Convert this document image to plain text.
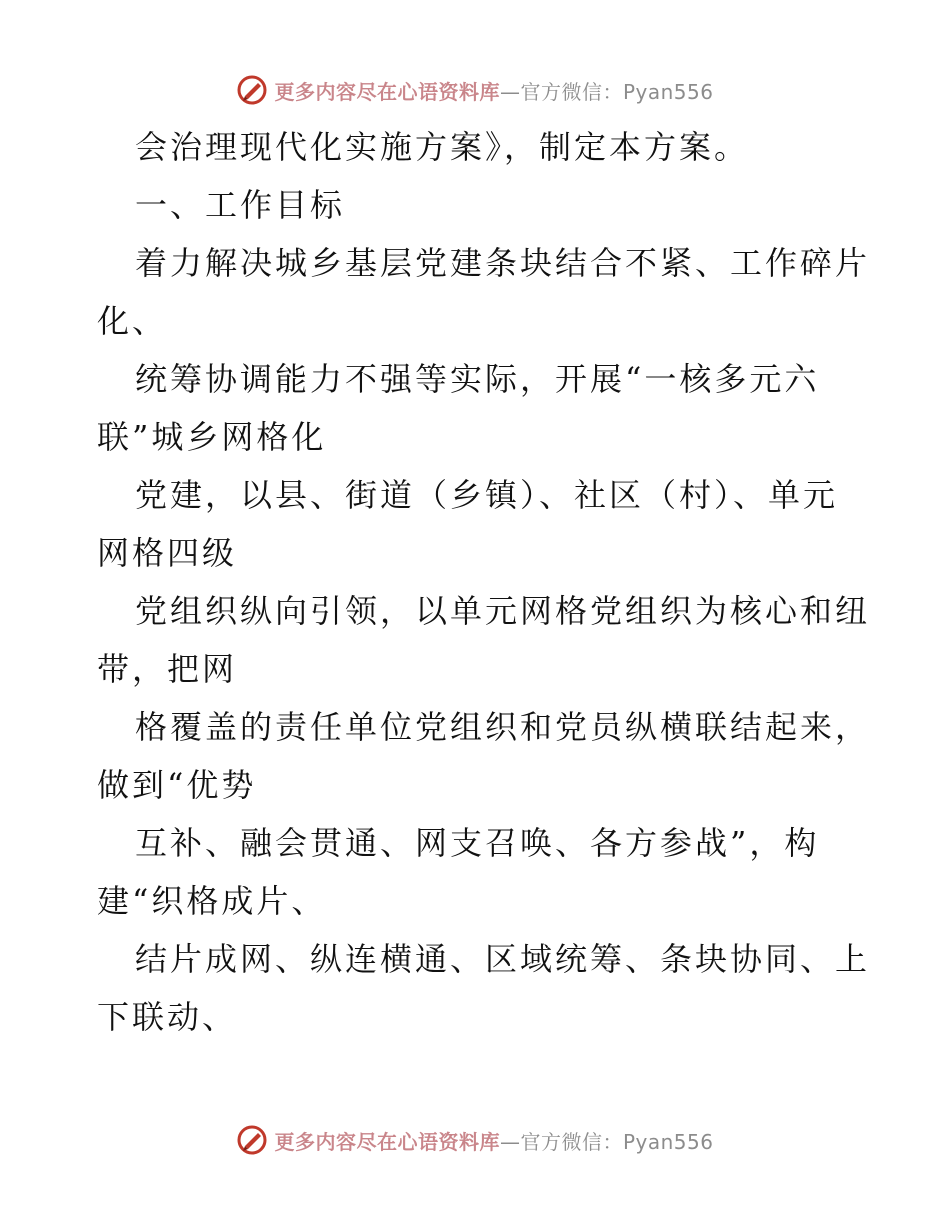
更多内容尽在心语资料库 —官方微信：Pyan556
会治理现代化实施方案》，制定本方案。
一、工作目标
着力解决城乡基层党建条块结合不紧、工作碎片
化、
统筹协调能力不强等实际，开展“一核多元六
联”城乡网格化
党建，以县、街道（乡镇）、社区（村）、单元
网格四级
党组织纵向引领，以单元网格党组织为核心和纽
带，把网
格覆盖的责任单位党组织和党员纵横联结起来，
做到“优势
互补、融会贯通、网支召唤、各方参战”，构
建“织格成片、
结片成网、纵连横通、区域统筹、条块协同、上
下联动、
更多内容尽在心语资料库 —官方微信：Pyan556
